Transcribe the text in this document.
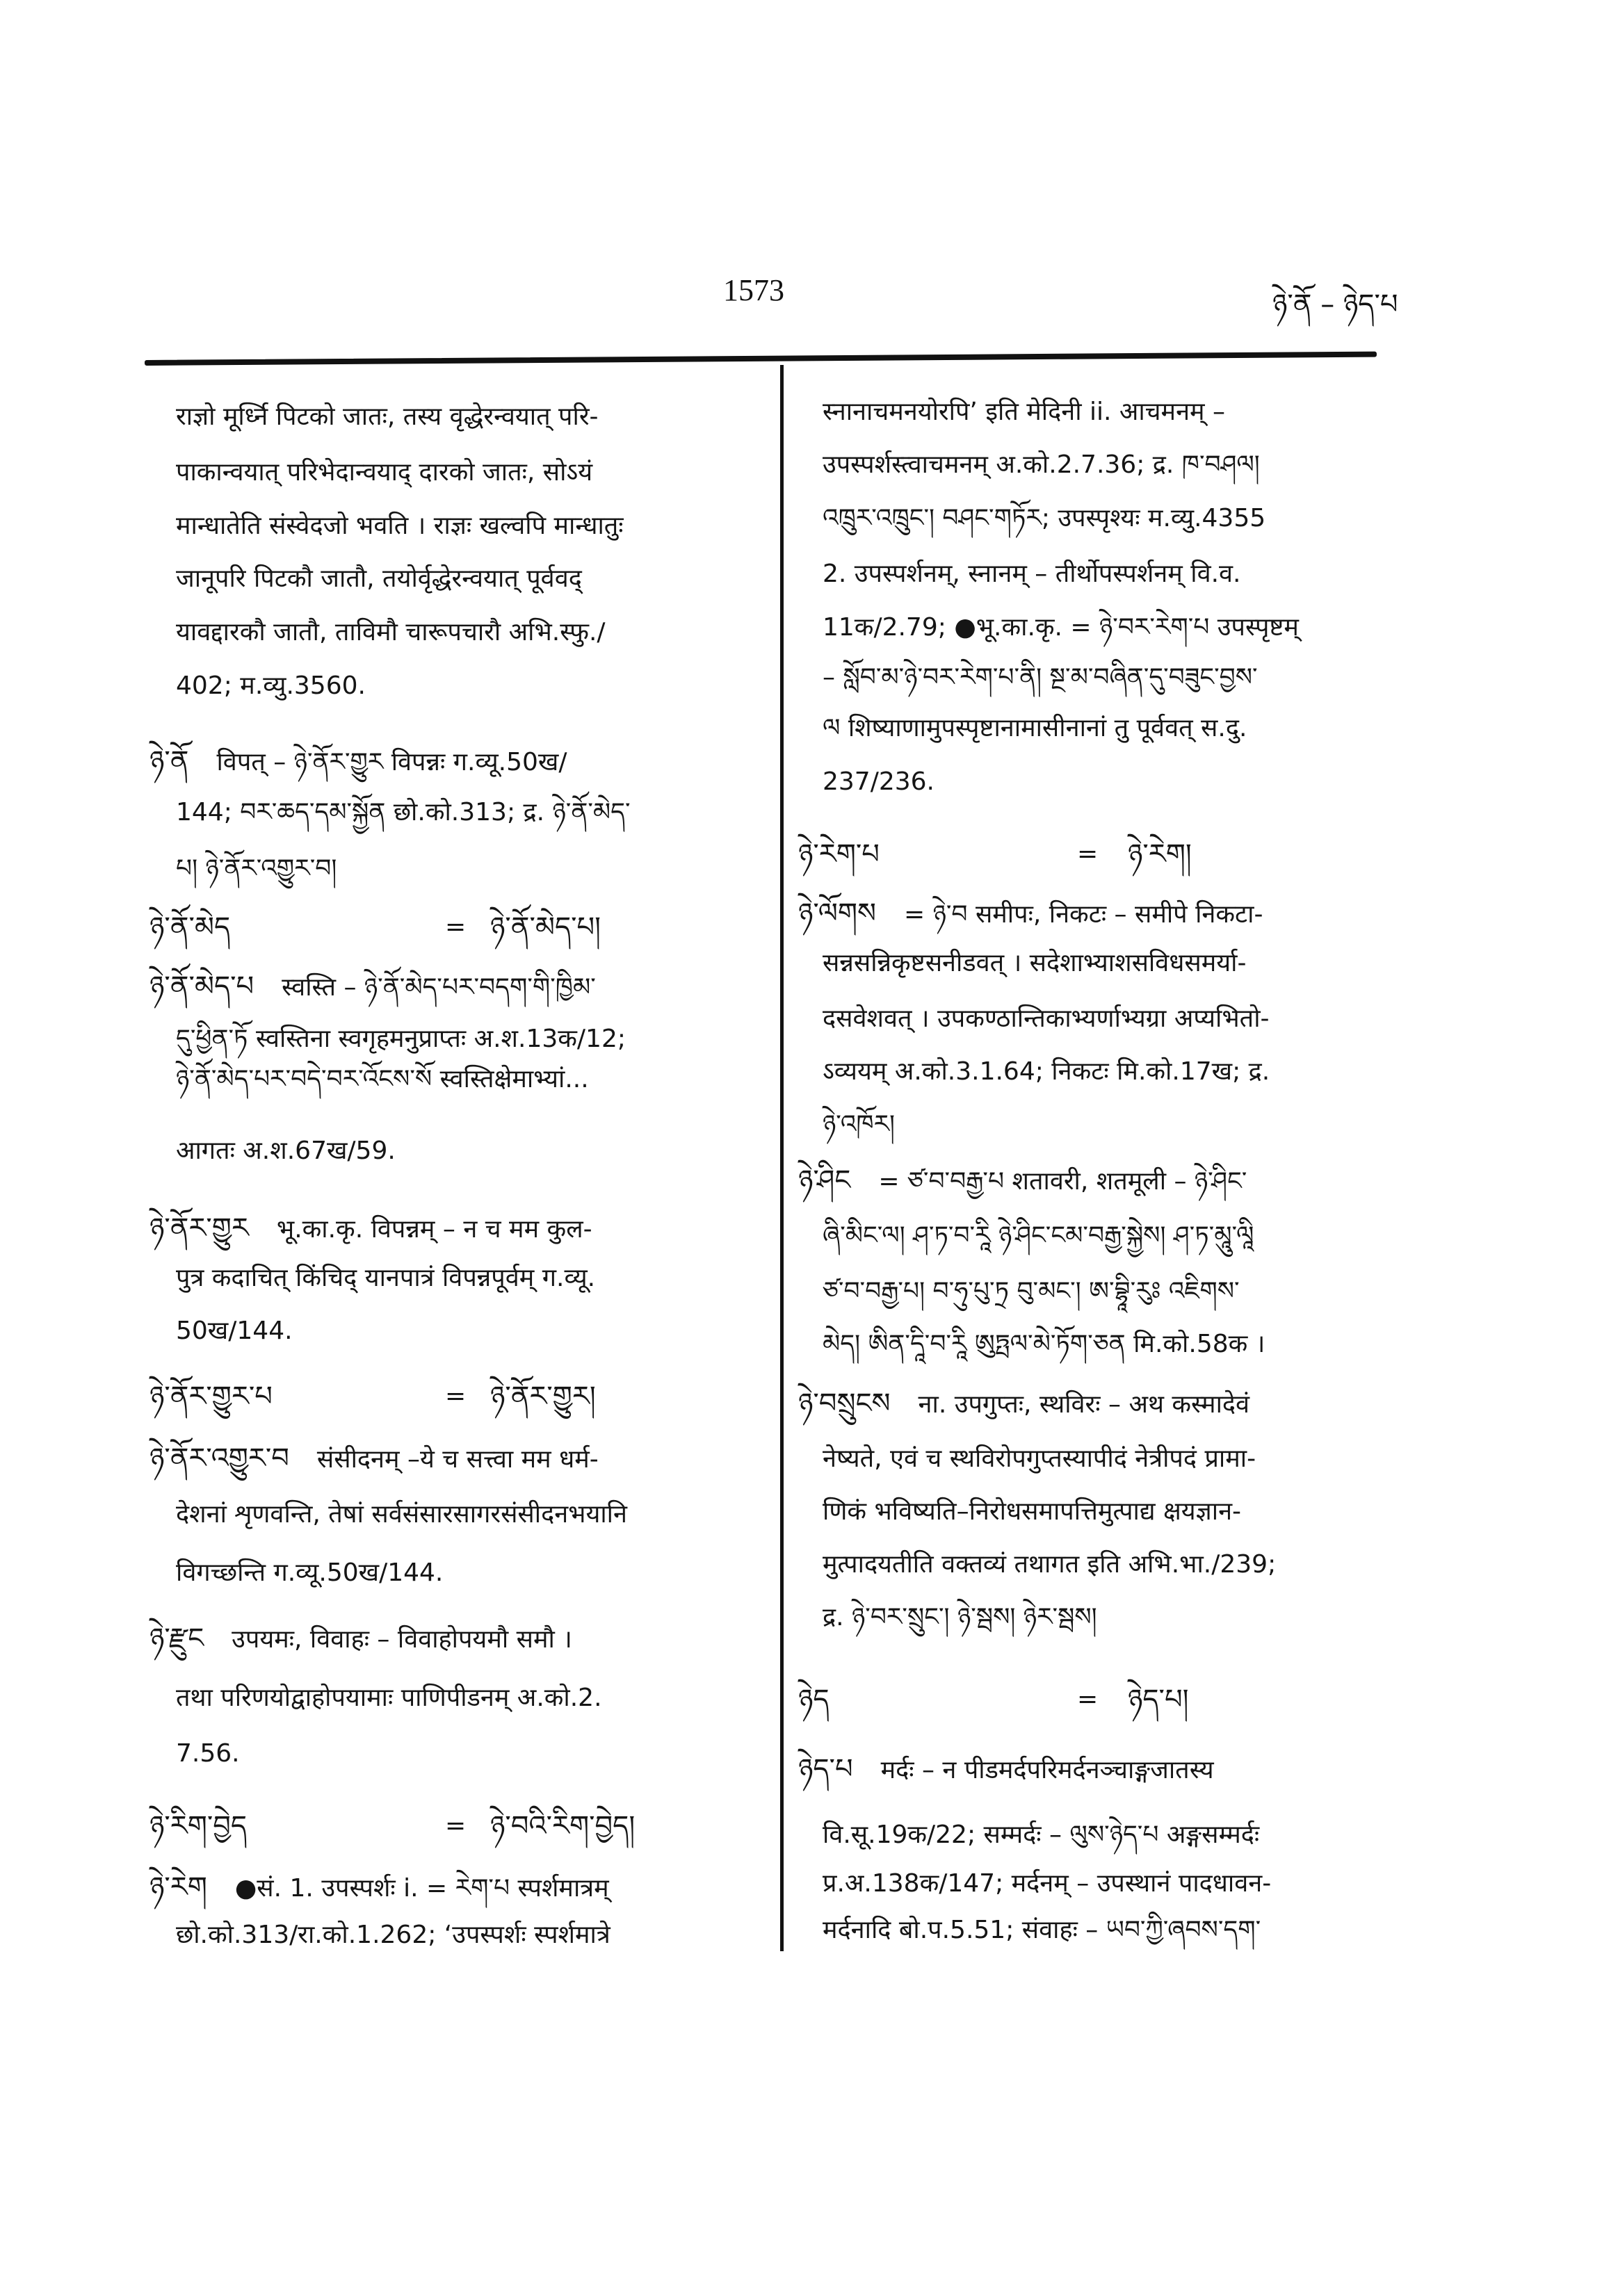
1573	ཉེ་ནོ – ཉེད་པ
राज्ञो मूर्ध्नि पिटको जातः, तस्य वृद्धेरन्वयात् परि-
पाकान्वयात् परिभेदान्वयाद् दारको जातः, सोऽयं
मान्धातेति संस्वेदजो भवति । राज्ञः खल्वपि मान्धातुः
जानूपरि पिटकौ जातौ, तयोर्वृद्धेरन्वयात् पूर्ववद्
यावद्दारकौ जातौ, ताविमौ चारूपचारौ अभि.स्फु./
402; म.व्यु.3560.
ཉེ་ནོ विपत् – ཉེ་ནོར་གྱུར विपन्नः ग.व्यू.50ख/
144; བར་ཆད་དམ་སྐྱོན छो.को.313; द्र. ཉེ་ནོ་མེད་
པ། ཉེ་ནོར་འགྱུར་བ།
ཉེ་ནོ་མེད	= ཉེ་ནོ་མེད་པ།
ཉེ་ནོ་མེད་པ स्वस्ति – ཉེ་ནོ་མེད་པར་བདག་གི་ཁྱིམ་
དུ་ཕྱིན་ཏོ स्वस्तिना स्वगृहमनुप्राप्तः अ.श.13क/12;
ཉེ་ནོ་མེད་པར་བདེ་བར་འོངས་སོ स्वस्तिक्षेमाभ्यां...
आगतः अ.श.67ख/59.
ཉེ་ནོར་གྱུར भू.का.कृ. विपन्नम् – न च मम कुल-
पुत्र कदाचित् किंचिद् यानपात्रं विपन्नपूर्वम् ग.व्यू.
50ख/144.
ཉེ་ནོར་གྱུར་པ	= ཉེ་ནོར་གྱུར།
ཉེ་ནོར་འགྱུར་བ संसीदनम् –ये च सत्त्वा मम धर्म-
देशनां शृणवन्ति, तेषां सर्वसंसारसागरसंसीदनभयानि
विगच्छन्ति ग.व्यू.50ख/144.
ཉེ་རྫུང उपयमः, विवाहः – विवाहोपयमौ समौ ।
तथा परिणयोद्वाहोपयामाः पाणिपीडनम् अ.को.2.
7.56.
ཉེ་རིག་བྱེད	= ཉེ་བའི་རིག་བྱེད།
ཉེ་རེག ●सं. 1. उपस्पर्शः i. = རེག་པ स्पर्शमात्रम्
छो.को.313/रा.को.1.262; ‘उपस्पर्शः स्पर्शमात्रे
स्नानाचमनयोरपि’ इति मेदिनी ii. आचमनम् –
उपस्पर्शस्त्वाचमनम् अ.को.2.7.36; द्र. ཁ་བཤལ།
འཁྲུར་འཁྲུང་། བཤང་གཏོར; उपस्पृश्यः म.व्यु.4355
2. उपस्पर्शनम्, स्नानम् – तीर्थोपस्पर्शनम् वि.व.
11क/2.79; ●भू.का.कृ. = ཉེ་བར་རེག་པ उपस्पृष्टम्
– སློབ་མ་ཉེ་བར་རེག་པ་ནི། སྔ་མ་བཞིན་དུ་བཟུང་བྱས་
ལ शिष्याणामुपस्पृष्टानामासीनानां तु पूर्ववत् स.दु.
237/236.
ཉེ་རེག་པ	= ཉེ་རེག།
ཉེ་ལོགས = ཉེ་བ समीपः, निकटः – समीपे निकटा-
सन्नसन्निकृष्टसनीडवत् । सदेशाभ्याशसविधसमर्या-
दसवेशवत् । उपकण्ठान्तिकाभ्यर्णाभ्यग्रा अप्यभितो-
ऽव्ययम् अ.को.3.1.64; निकटः मि.को.17ख; द्र.
ཉེ་འཁོར།
ཉེ་ཤིང = ཙ་བ་བརྒྱ་པ शतावरी, शतमूली – ཉེ་ཤིང་
ཞི་མིང་ལ། ཤ་ཏ་བ་རཱི ཉེ་ཤིང་ངམ་བརྒྱ་སྐྱེས། ཤ་ཏ་མཱུ་ལཱི
ཙ་བ་བརྒྱ་པ། བ་ཧུ་པུ་ཏྲ བུ་མང་། ཨ་བྷཱི་རུཿ འཇིགས་
མེད། ཨིན་དཱི་བ་རཱི ཨུཏྤལ་མེ་ཏོག་ཅན मि.को.58क ।
ཉེ་བསྲུངས ना. उपगुप्तः, स्थविरः – अथ कस्मादेवं
नेष्यते, एवं च स्थविरोपगुप्तस्यापीदं नेत्रीपदं प्रामा-
णिकं भविष्यति–निरोधसमापत्तिमुत्पाद्य क्षयज्ञान-
मुत्पादयतीति वक्तव्यं तथागत इति अभि.भा./239;
द्र. ཉེ་བར་སྲུང་། ཉེ་སྦས། ཉེར་སྦས།
ཉེད	= ཉེད་པ།
ཉེད་པ मर्दः – न पीडमर्दपरिमर्दनञ्चाङ्गजातस्य
वि.सू.19क/22; सम्मर्दः – ལུས་ཉེད་པ अङ्गसम्मर्दः
प्र.अ.138क/147; मर्दनम् – उपस्थानं पादधावन-
मर्दनादि बो.प.5.51; संवाहः – ཡབ་ཀྱི་ཞབས་དག་
